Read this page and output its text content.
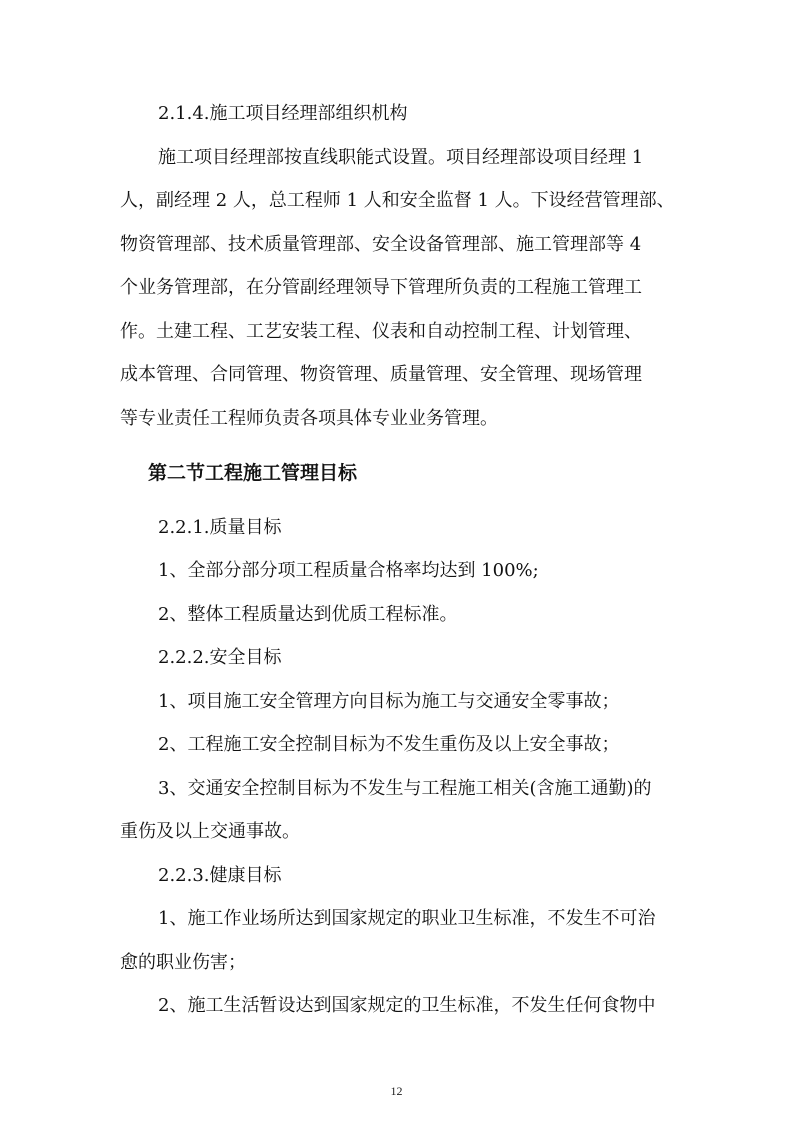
2.1.4.施工项目经理部组织机构

施工项目经理部按直线职能式设置。项目经理部设项目经理 1

人，副经理 2 人，总工程师 1 人和安全监督 1 人。下设经营管理部、

物资管理部、技术质量管理部、安全设备管理部、施工管理部等 4

个业务管理部，在分管副经理领导下管理所负责的工程施工管理工

作。土建工程、工艺安装工程、仪表和自动控制工程、计划管理、

成本管理、合同管理、物资管理、质量管理、安全管理、现场管理

等专业责任工程师负责各项具体专业业务管理。

第二节工程施工管理目标

2.2.1.质量目标

1、全部分部分项工程质量合格率均达到 100%;

2、整体工程质量达到优质工程标准。

2.2.2.安全目标

1、项目施工安全管理方向目标为施工与交通安全零事故；

2、工程施工安全控制目标为不发生重伤及以上安全事故；

3、交通安全控制目标为不发生与工程施工相关(含施工通勤)的

重伤及以上交通事故。

2.2.3.健康目标

1、施工作业场所达到国家规定的职业卫生标准，不发生不可治

愈的职业伤害；

2、施工生活暂设达到国家规定的卫生标准，不发生任何食物中

12
